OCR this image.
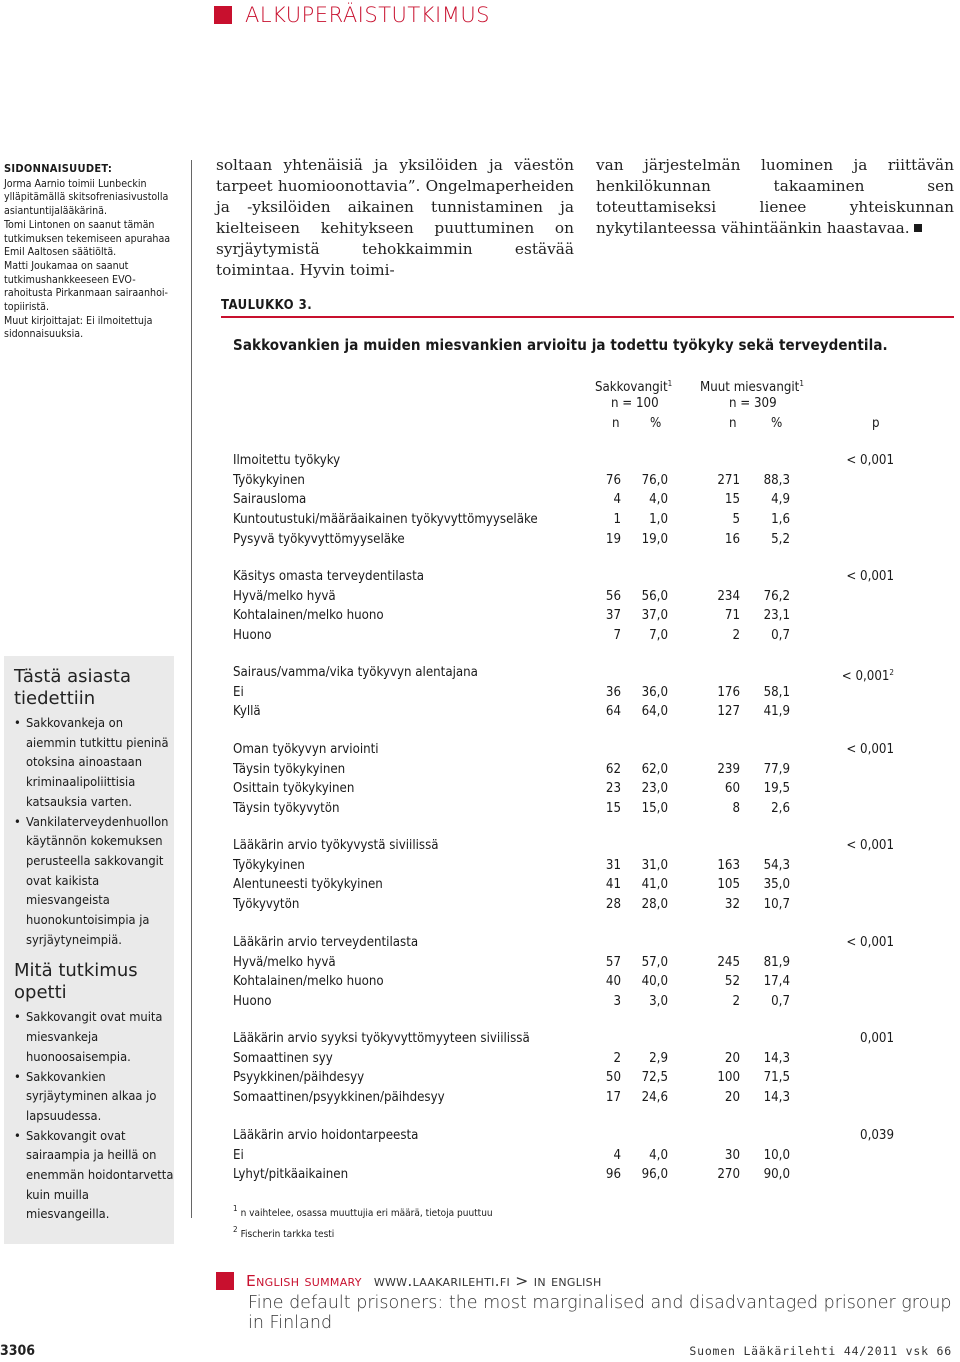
ALKUPERÄISTUTKIMUS
SIDONNAISUUDET:
Jorma Aarnio toimii Lunbeckin
ylläpitämällä skitsofreniasivustolla
asiantuntijalääkärinä.
Tomi Lintonen on saanut tämän
tutkimuksen tekemiseen apurahaa
Emil Aaltosen säätiöltä.
Matti Joukamaa on saanut
tutkimushankkeeseen EVO-
rahoitusta Pirkanmaan sairaanhoi-
topiiristä.
Muut kirjoittajat: Ei ilmoitettuja
sidonnaisuuksia.
soltaan yhtenäisiä ja yksilöiden ja väestön tarpeet huomioonottavia”. Ongelmaperheiden ja -yksilöiden aikainen tunnistaminen ja kielteiseen kehitykseen puuttuminen on syrjäytymistä tehokkaimmin estävää toimintaa. Hyvin toimi-
van järjestelmän luominen ja riittävän henkilökunnan takaaminen sen toteuttamiseksi lienee yhteiskunnan nykytilanteessa vähintäänkin haastavaa.
TAULUKKO 3.
Sakkovankien ja muiden miesvankien arvioitu ja todettu työkyky sekä terveydentila.
Sakkovangit$^1$ Muut miesvangit$^1$
n = 100	n = 309
n %	n	%	p
Ilmoitettu työkyky	< 0,001
Työkykyinen	76 76,0	271 88,3
Sairausloma	4 4,0	15 4,9
Kuntoutustuki/määräaikainen työkyvyttömyyseläke	1 1,0	5 1,6
Pysyvä työkyvyttömyyseläke	19 19,0	16 5,2
Käsitys omasta terveydentilasta	< 0,001
Hyvä/melko hyvä	56 56,0	234 76,2
Kohtalainen/melko huono	37 37,0	71 23,1
Huono	7 7,0	2 0,7
Sairaus/vamma/vika työkyvyn alentajana	< $0,001^2$
Ei	36 36,0	176 58,1
Kyllä	64 64,0	127 41,9
Oman työkyvyn arviointi	< 0,001
Täysin työkykyinen	62 62,0	239 77,9
Osittain työkykyinen	23 23,0	60 19,5
Täysin työkyvytön	15 15,0	8 2,6
Lääkärin arvio työkyvystä siviilissä	< 0,001
Työkykyinen	31 31,0	163 54,3
Alentuneesti työkykyinen	41 41,0	105 35,0
Työkyvytön	28 28,0	32 10,7
Lääkärin arvio terveydentilasta	< 0,001
Hyvä/melko hyvä	57 57,0	245 81,9
Kohtalainen/melko huono	40 40,0	52 17,4
Huono	3 3,0	2 0,7
Lääkärin arvio syyksi työkyvyttömyyteen siviilissä	0,001
Somaattinen syy	2 2,9	20 14,3
Psyykkinen/päihdesyy	50 72,5	100 71,5
Somaattinen/psyykkinen/päihdesyy	17 24,6	20 14,3
Lääkärin arvio hoidontarpeesta	0,039
Ei	4 4,0	30 10,0
Lyhyt/pitkäaikainen	96 96,0	270 90,0
Tästä asiasta tiedettiin
• Sakkovankeja on aiemmin tutkittu pieninä otoksina ainoastaan kriminaalipoliittisia katsauksia varten.
• Vankilaterveydenhuollon käytännön kokemuksen perusteella sakkovangit ovat kaikista miesvangeista huonokuntoisimpia ja syrjäytyneimpiä.
Mitä tutkimus opetti
• Sakkovangit ovat muita miesvankeja huonoosaisempia.
• Sakkovankien syrjäytyminen alkaa jo lapsuudessa.
• Sakkovangit ovat sairaampia ja heillä on enemmän hoidontarvetta kuin muilla miesvangeilla.	$^1$ n vaihtelee, osassa muuttujia eri määrä, tietoja puuttuu
$^2$ Fischerin tarkka testi
English summary www.laakarilehti.fi > in english
Fine default prisoners: the most marginalised and disadvantaged prisoner group in Finland
3306	Suomen Lääkärilehti 44/2011 vsk 66
